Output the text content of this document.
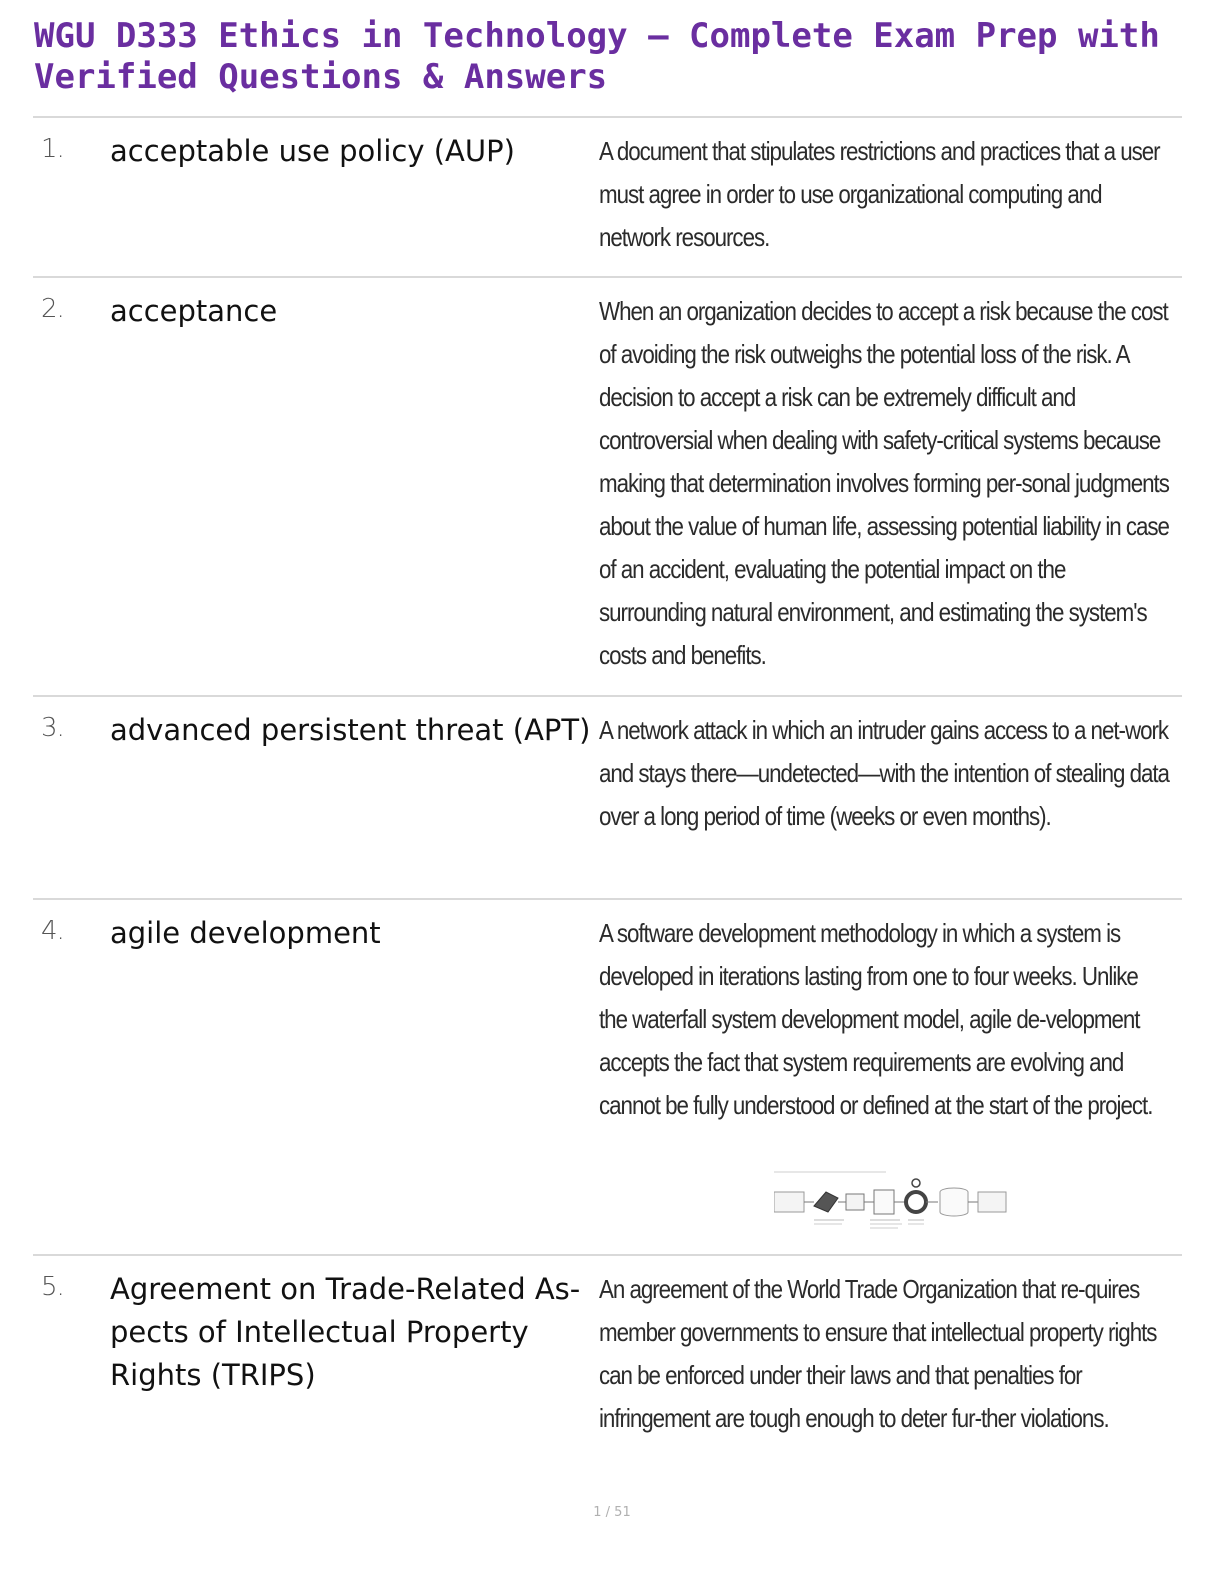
WGU D333 Ethics in Technology – Complete Exam Prep with Verified Questions & Answers
1. acceptable use policy (AUP)	A document that stipulates restrictions and practices that a user must agree in order to use organizational computing and network resources.
2. acceptance	When an organization decides to accept a risk because the cost of avoiding the risk outweighs the potential loss of the risk. A decision to accept a risk can be extremely difficult and controversial when dealing with safety-critical systems because making that determination involves forming per-sonal judgments about the value of human life, assessing potential liability in case of an accident, evaluating the potential impact on the surrounding natural environment, and estimating the system's costs and benefits.
3. advanced persistent threat (APT) A network attack in which an intruder gains access to a net-work and stays there—undetected—with the intention of stealing data over a long period of time (weeks or even months).
4. agile development	A software development methodology in which a system is developed in iterations lasting from one to four weeks. Unlike the waterfall system development model, agile de-velopment accepts the fact that system requirements are evolving and cannot be fully understood or defined at the start of the project.
5. Agreement on Trade-Related As-pects of Intellectual Property Rights (TRIPS)
An agreement of the World Trade Organization that re-quires member governments to ensure that intellectual property rights can be enforced under their laws and that penalties for infringement are tough enough to deter fur-ther violations.
1 / 51
